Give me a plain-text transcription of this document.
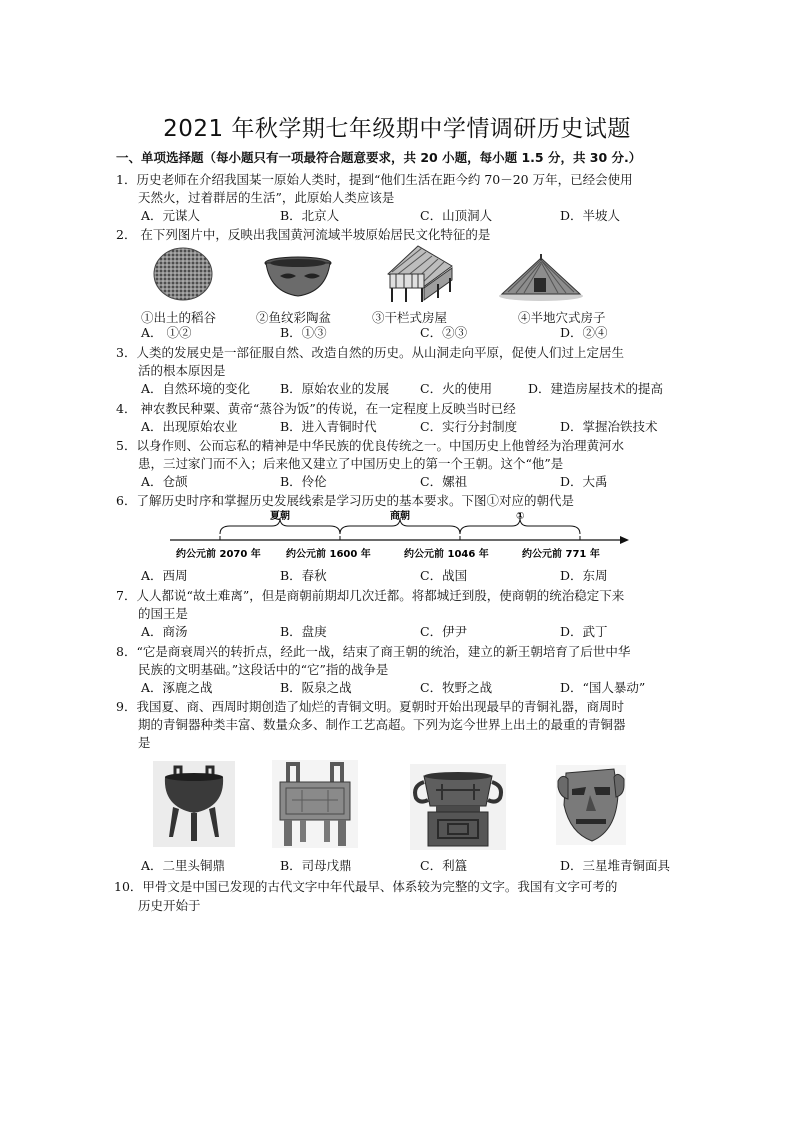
2021 年秋学期七年级期中学情调研历史试题
一、单项选择题（每小题只有一项最符合题意要求，共 20 小题，每小题 1.5 分，共 30 分.）
1．历史老师在介绍我国某一原始人类时，提到“他们生活在距今约 70－20 万年，已经会使用
天然火，过着群居的生活”，此原始人类应该是
A．元谋人	B．北京人	C．山顶洞人	D．半坡人
2． 在下列图片中，反映出我国黄河流域半坡原始居民文化特征的是
①出土的稻谷	②鱼纹彩陶盆	③干栏式房屋	④半地穴式房子
A． ①②	B．①③	C．②③	D．②④
3．人类的发展史是一部征服自然、改造自然的历史。从山洞走向平原，促使人们过上定居生
活的根本原因是
A．自然环境的变化 B．原始农业的发展 C．火的使用	D．建造房屋技术的提高
4． 神农教民种粟、黄帝“蒸谷为饭”的传说，在一定程度上反映当时已经
A．出现原始农业	B．进入青铜时代	C．实行分封制度	D．掌握冶铁技术
5．以身作则、公而忘私的精神是中华民族的优良传统之一。中国历史上他曾经为治理黄河水
患，三过家门而不入；后来他又建立了中国历史上的第一个王朝。这个“他”是
A．仓颉	B．伶伦	C．嫘祖	D．大禹
6．了解历史时序和掌握历史发展线索是学习历史的基本要求。下图①对应的朝代是
夏朝	商朝	①
约公元前 2070 年	约公元前 1600 年	约公元前 1046 年	约公元前 771 年
A．西周	B．春秋	C．战国	D．东周
7．人人都说“故土难离”，但是商朝前期却几次迁都。将都城迁到殷，使商朝的统治稳定下来
的国王是
A．商汤	B．盘庚	C．伊尹	D．武丁
8．“它是商衰周兴的转折点，经此一战，结束了商王朝的统治，建立的新王朝培育了后世中华
民族的文明基础。”这段话中的“它”指的战争是
A．涿鹿之战	B．阪泉之战	C．牧野之战	D．“国人暴动”
9．我国夏、商、西周时期创造了灿烂的青铜文明。夏朝时开始出现最早的青铜礼器，商周时
期的青铜器种类丰富、数量众多、制作工艺高超。下列为迄今世界上出土的最重的青铜器
是
A．二里头铜鼎	B．司母戊鼎	C．利簋	D．三星堆青铜面具
10．甲骨文是中国已发现的古代文字中年代最早、体系较为完整的文字。我国有文字可考的
历史开始于
